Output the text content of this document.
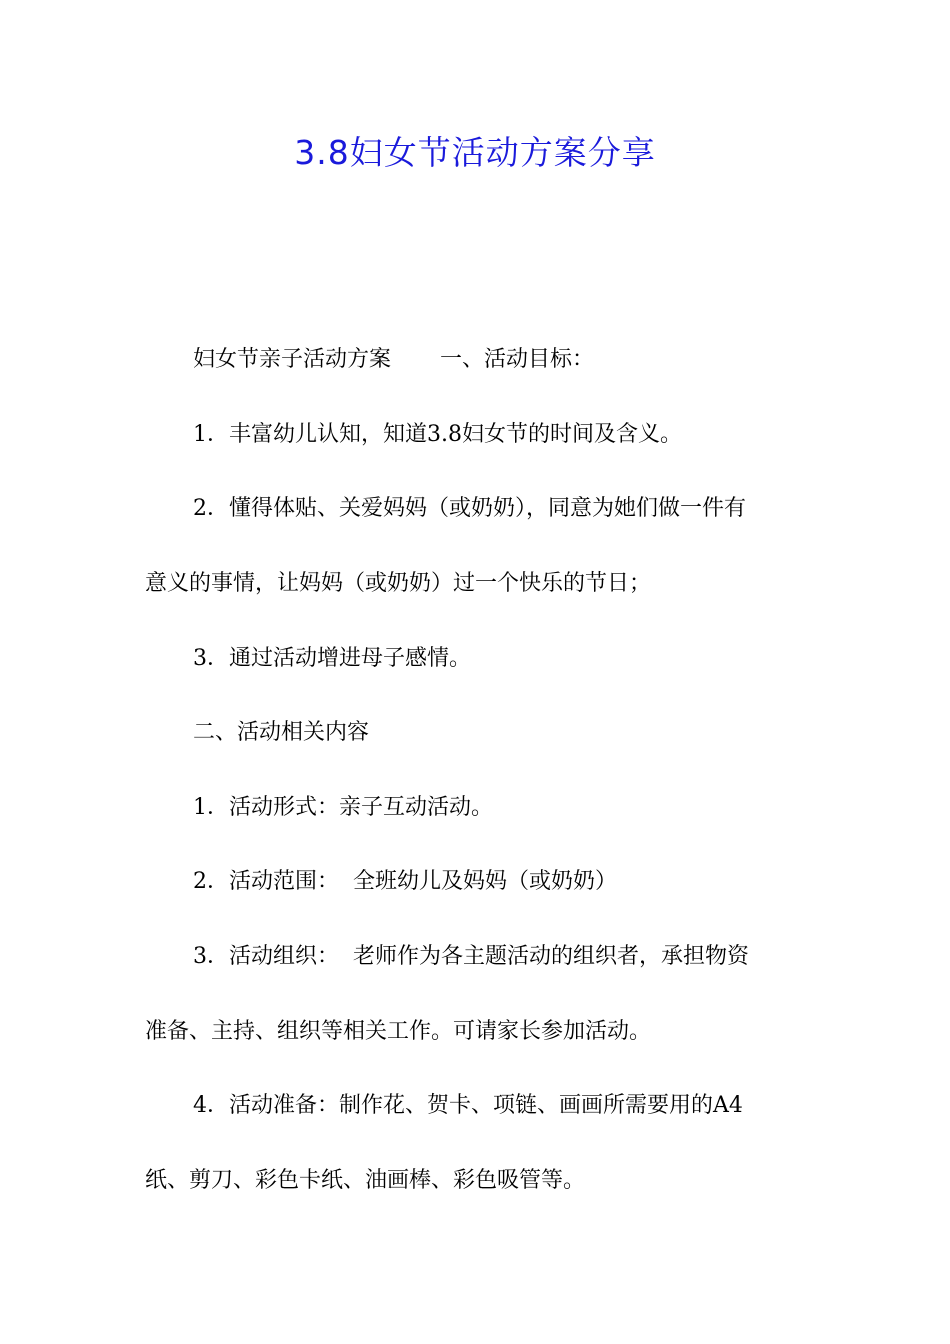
3.8妇女节活动方案分享
妇女节亲子活动方案       一、活动目标：
1．丰富幼儿认知，知道3.8妇女节的时间及含义。
2．懂得体贴、关爱妈妈（或奶奶），同意为她们做一件有
意义的事情，让妈妈（或奶奶）过一个快乐的节日；
3．通过活动增进母子感情。
二、活动相关内容
1．活动形式：亲子互动活动。
2．活动范围：  全班幼儿及妈妈（或奶奶）
3．活动组织：  老师作为各主题活动的组织者，承担物资
准备、主持、组织等相关工作。可请家长参加活动。
4．活动准备：制作花、贺卡、项链、画画所需要用的A4
纸、剪刀、彩色卡纸、油画棒、彩色吸管等。
